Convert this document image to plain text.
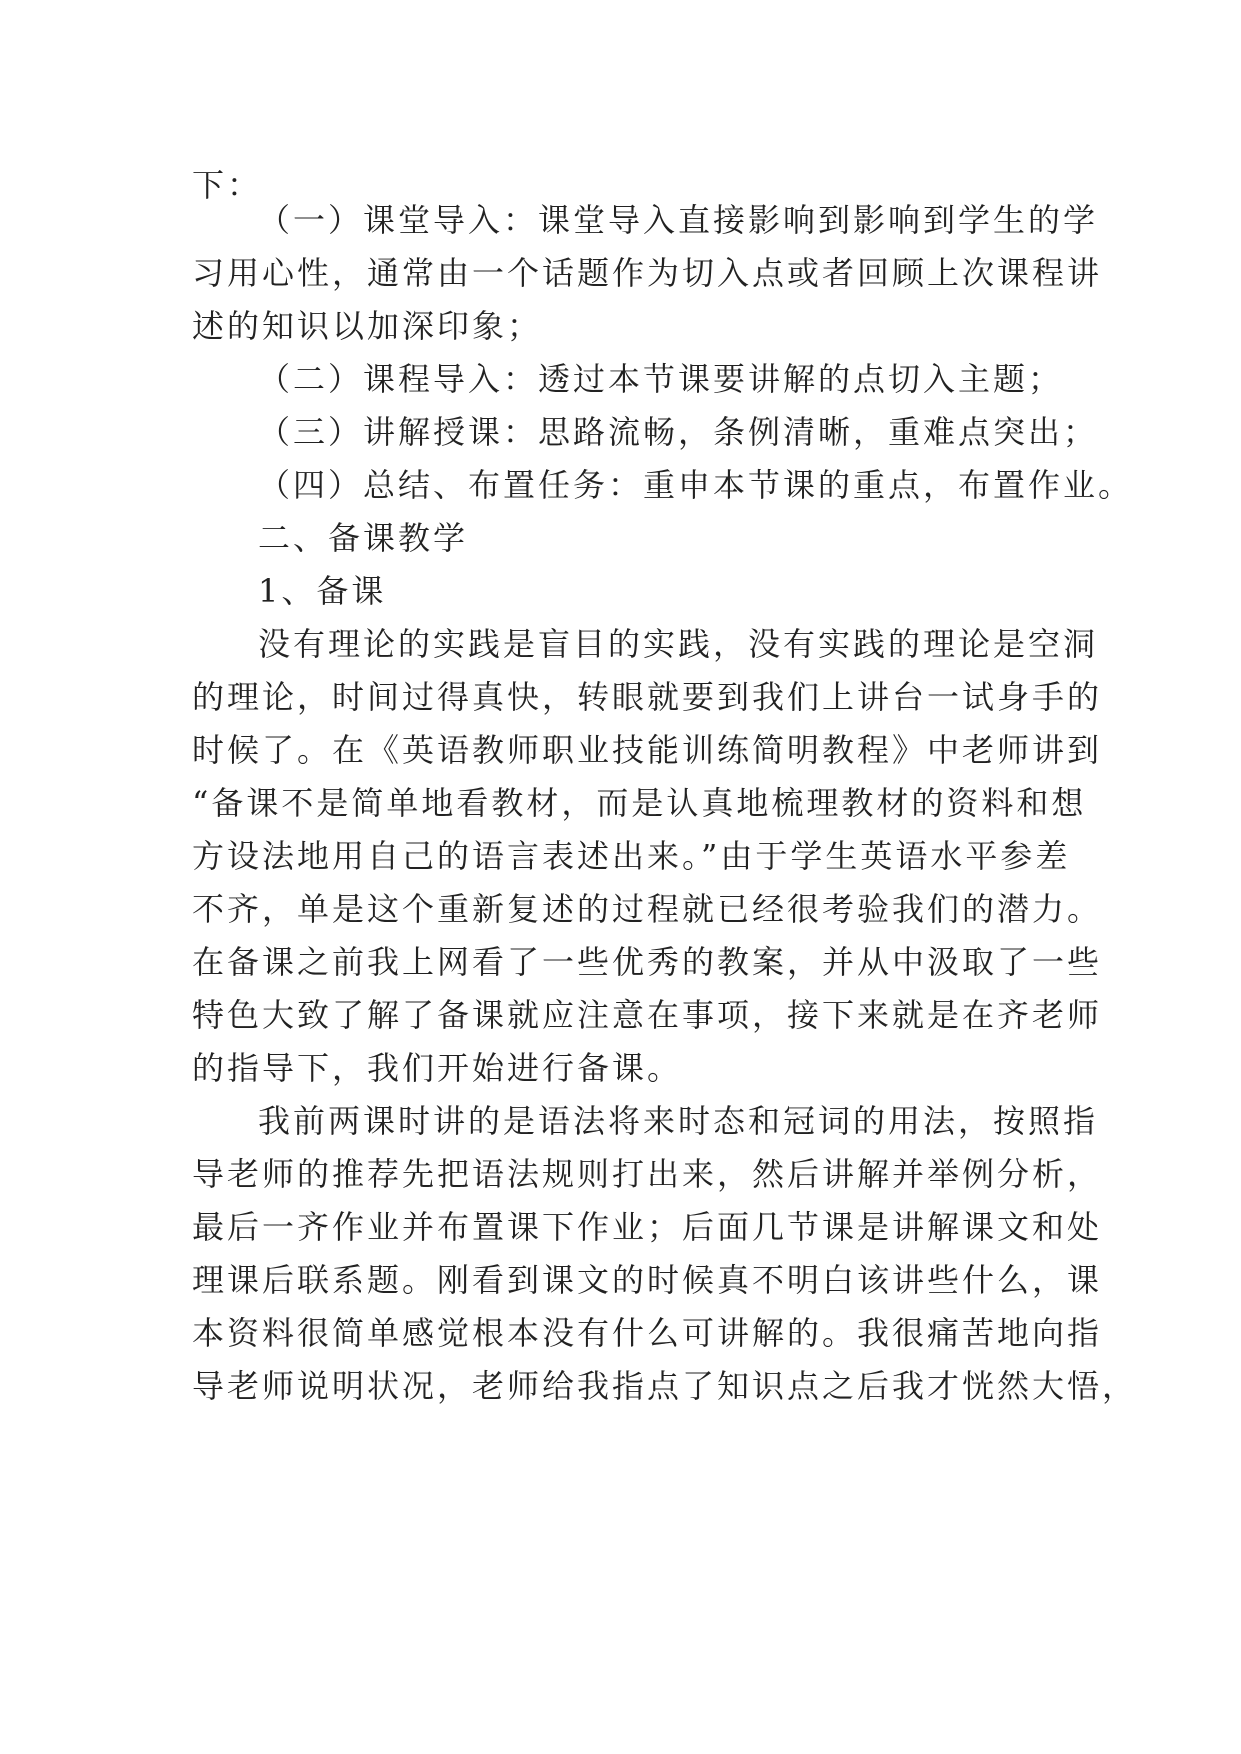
下：
（一）课堂导入：课堂导入直接影响到影响到学生的学
习用心性，通常由一个话题作为切入点或者回顾上次课程讲
述的知识以加深印象；
（二）课程导入：透过本节课要讲解的点切入主题；
（三）讲解授课：思路流畅，条例清晰，重难点突出；
（四）总结、布置任务：重申本节课的重点，布置作业。
二、备课教学
1、备课
没有理论的实践是盲目的实践，没有实践的理论是空洞
的理论，时间过得真快，转眼就要到我们上讲台一试身手的
时候了。在《英语教师职业技能训练简明教程》中老师讲到
“备课不是简单地看教材，而是认真地梳理教材的资料和想
方设法地用自己的语言表述出来。”由于学生英语水平参差
不齐，单是这个重新复述的过程就已经很考验我们的潜力。
在备课之前我上网看了一些优秀的教案，并从中汲取了一些
特色大致了解了备课就应注意在事项，接下来就是在齐老师
的指导下，我们开始进行备课。
我前两课时讲的是语法将来时态和冠词的用法，按照指
导老师的推荐先把语法规则打出来，然后讲解并举例分析，
最后一齐作业并布置课下作业；后面几节课是讲解课文和处
理课后联系题。刚看到课文的时候真不明白该讲些什么，课
本资料很简单感觉根本没有什么可讲解的。我很痛苦地向指
导老师说明状况，老师给我指点了知识点之后我才恍然大悟，
